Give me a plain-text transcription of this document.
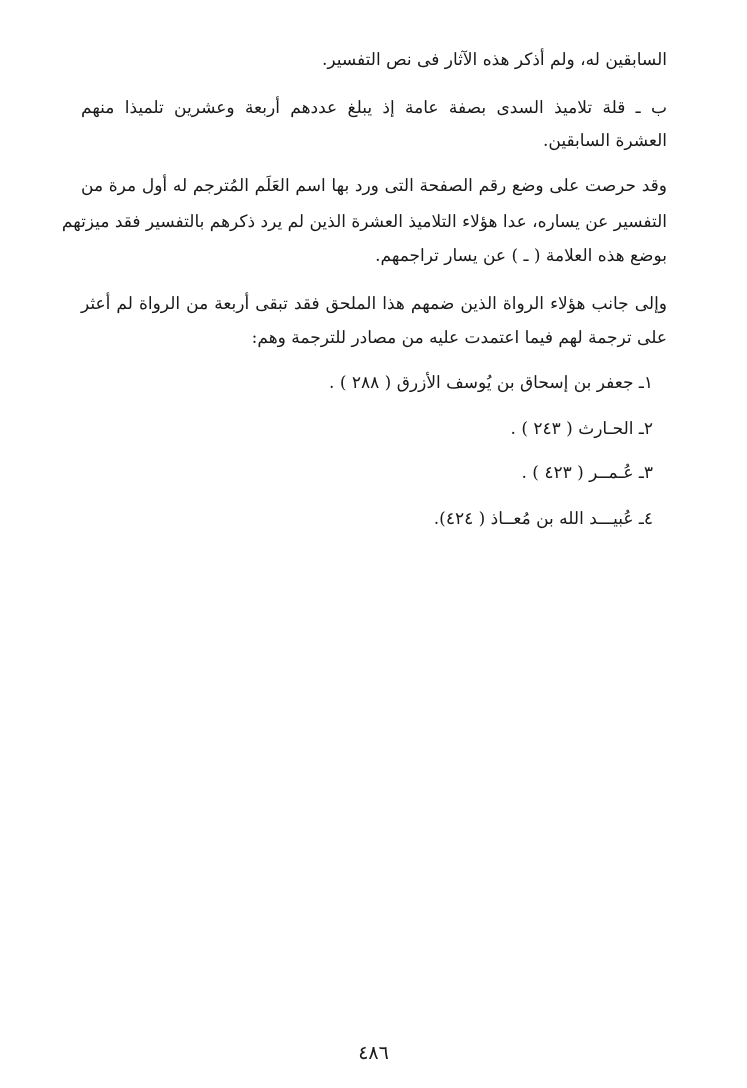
السابقين له، ولم أذكر هذه الآثار فى نص التفسير.
ب ـ قلة تلاميذ السدى بصفة عامة إذ يبلغ عددهم أربعة وعشرين تلميذا منهم
العشرة السابقين.
وقد حرصت على وضع رقم الصفحة التى ورد بها اسم العَلَم المُترجم له أول مرة من
التفسير عن يساره، عدا هؤلاء التلاميذ العشرة الذين لم يرد ذكرهم بالتفسير فقد ميزتهم
بوضع هذه العلامة ( ـ ) عن يسار تراجمهم.
وإلى جانب هؤلاء الرواة الذين ضمهم هذا الملحق فقد تبقى أربعة من الرواة لم أعثر
على ترجمة لهم فيما اعتمدت عليه من مصادر للترجمة وهم:
١ـ جعفر بن إسحاق بن يُوسف الأزرق ( ٢٨٨ ) .
٢ـ الحـارث ( ٢٤٣ ) .
٣ـ عُـمــر ( ٤٢٣ ) .
٤ـ عُبيـــد الله بن مُعــاذ ( ٤٢٤).
٤٨٦
